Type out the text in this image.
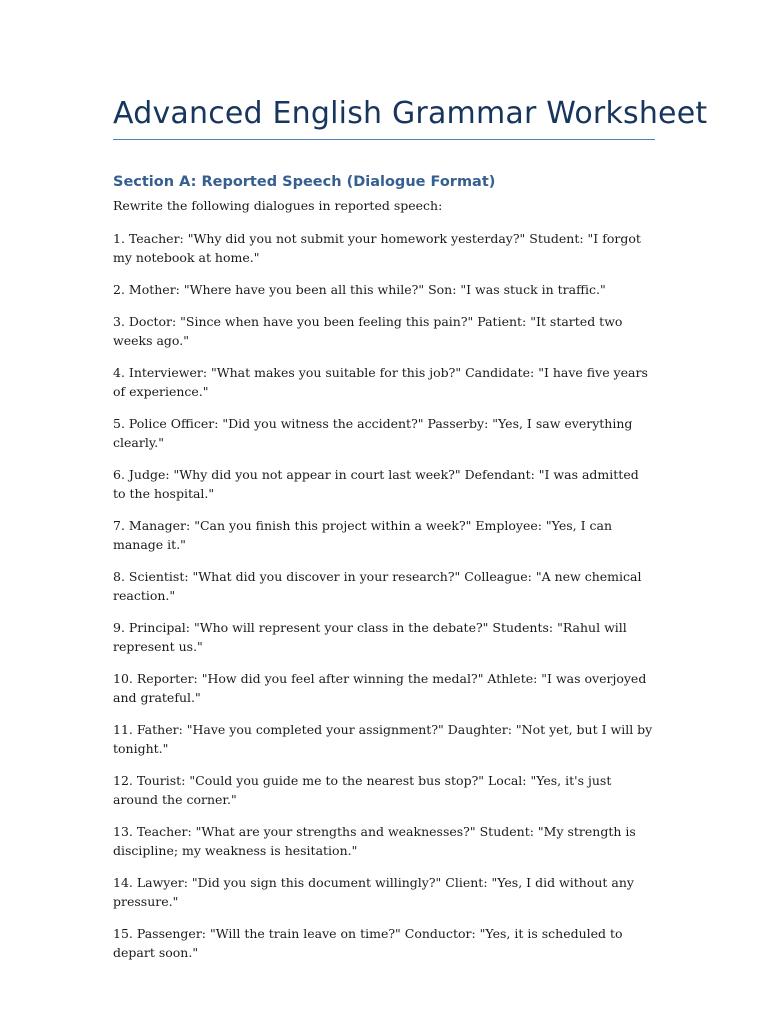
Advanced English Grammar Worksheet
Section A: Reported Speech (Dialogue Format)

Rewrite the following dialogues in reported speech:

1. Teacher: "Why did you not submit your homework yesterday?" Student: "I forgot my notebook at home."
2. Mother: "Where have you been all this while?" Son: "I was stuck in traffic."
3. Doctor: "Since when have you been feeling this pain?" Patient: "It started two weeks ago."
4. Interviewer: "What makes you suitable for this job?" Candidate: "I have five years of experience."
5. Police Officer: "Did you witness the accident?" Passerby: "Yes, I saw everything clearly."
6. Judge: "Why did you not appear in court last week?" Defendant: "I was admitted to the hospital."
7. Manager: "Can you finish this project within a week?" Employee: "Yes, I can manage it."
8. Scientist: "What did you discover in your research?" Colleague: "A new chemical reaction."
9. Principal: "Who will represent your class in the debate?" Students: "Rahul will represent us."
10. Reporter: "How did you feel after winning the medal?" Athlete: "I was overjoyed and grateful."
11. Father: "Have you completed your assignment?" Daughter: "Not yet, but I will by tonight."
12. Tourist: "Could you guide me to the nearest bus stop?" Local: "Yes, it's just around the corner."
13. Teacher: "What are your strengths and weaknesses?" Student: "My strength is discipline; my weakness is hesitation."
14. Lawyer: "Did you sign this document willingly?" Client: "Yes, I did without any pressure."
15. Passenger: "Will the train leave on time?" Conductor: "Yes, it is scheduled to depart soon."
